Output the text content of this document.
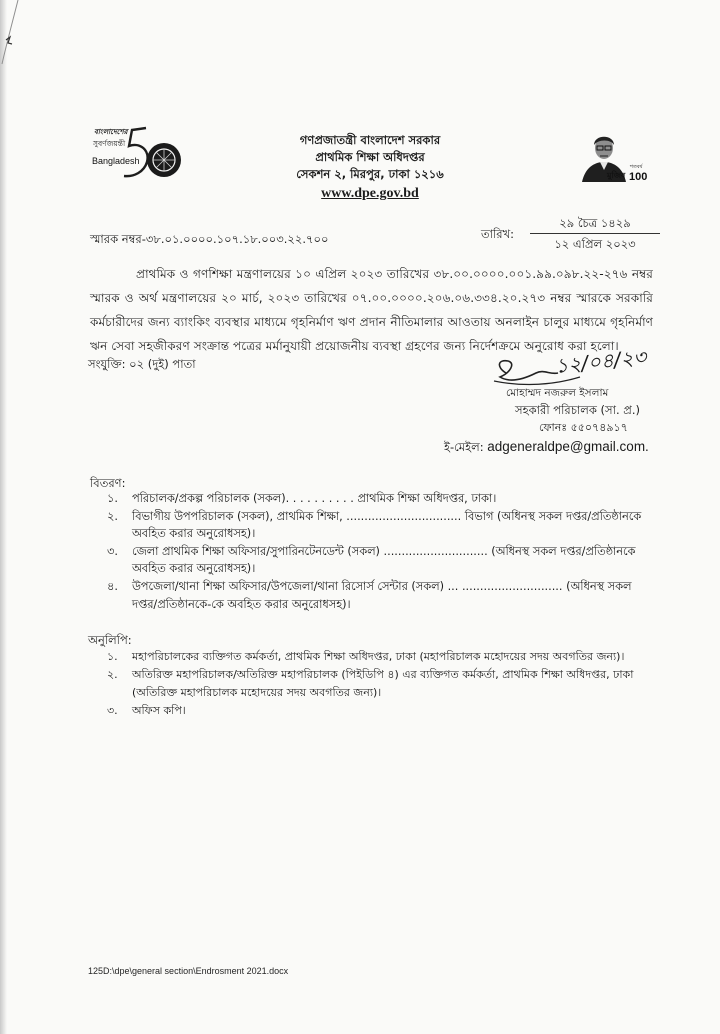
বাংলাদেশের
সুবর্ণজয়ন্তী
Bangladesh
গণপ্রজাতন্ত্রী বাংলাদেশ সরকার
প্রাথমিক শিক্ষা অধিদপ্তর
সেকশন ২, মিরপুর, ঢাকা ১২১৬
www.dpe.gov.bd
মুজিব
শতবর্ষ
100
স্মারক নম্বর-৩৮.০১.০০০০.১০৭.১৮.০০৩.২২.৭০০	তারিখ:
২৯ চৈত্র ১৪২৯
১২ এপ্রিল ২০২৩

প্রাথমিক ও গণশিক্ষা মন্ত্রণালয়ের ১০ এপ্রিল ২০২৩ তারিখের ৩৮.০০.০০০০.০০১.৯৯.০৯৮.২২-২৭৬ নম্বর স্মারক ও অর্থ মন্ত্রণালয়ের ২০ মার্চ, ২০২৩ তারিখের ০৭.০০.০০০০.২০৬.০৬.৩৩৪.২০.২৭৩ নম্বর স্মারকে সরকারি কর্মচারীদের জন্য ব্যাংকিং ব্যবস্থার মাধ্যমে গৃহনির্মাণ ঋণ প্রদান নীতিমালার আওতায় অনলাইন চালুর মাধ্যমে গৃহনির্মাণ ঋন সেবা সহজীকরণ সংক্রান্ত পত্রের মর্মানুযায়ী প্রয়োজনীয় ব্যবস্থা গ্রহণের জন্য নির্দেশক্রমে অনুরোধ করা হলো।

সংযুক্তি: ০২ (দুই) পাতা	১২/০৪/২৩
মোহাম্মদ নজরুল ইসলাম
সহকারী পরিচালক (সা. প্র.)
ফোনঃ ৫৫০৭৪৯১৭
ই-মেইল: adgeneraldpe@gmail.com.
বিতরণ:
১.	পরিচালক/প্রকল্প পরিচালক (সকল). . . . . . . . . . প্রাথমিক শিক্ষা অধিদপ্তর, ঢাকা।
২.	বিভাগীয় উপপরিচালক (সকল), প্রাথমিক শিক্ষা, ................................ বিভাগ (অধিনস্থ সকল দপ্তর/প্রতিষ্ঠানকে অবহিত করার অনুরোধসহ)।
৩.	জেলা প্রাথমিক শিক্ষা অফিসার/সুপারিনটেনডেন্ট (সকল) ............................. (অধিনস্থ সকল দপ্তর/প্রতিষ্ঠানকে অবহিত করার অনুরোধসহ)।
৪.	উপজেলা/থানা শিক্ষা অফিসার/উপজেলা/থানা রিসোর্স সেন্টার (সকল) ... ............................ (অধিনস্থ সকল দপ্তর/প্রতিষ্ঠানকে-কে অবহিত করার অনুরোধসহ)।
অনুলিপি:
১.	মহাপরিচালকের ব্যক্তিগত কর্মকর্তা, প্রাথমিক শিক্ষা অধিদপ্তর, ঢাকা (মহাপরিচালক মহোদয়ের সদয় অবগতির জন্য)।
২.	অতিরিক্ত মহাপরিচালক/অতিরিক্ত মহাপরিচালক (পিইডিপি ৪) এর ব্যক্তিগত কর্মকর্তা, প্রাথমিক শিক্ষা অধিদপ্তর, ঢাকা (অতিরিক্ত মহাপরিচালক মহোদয়ের সদয় অবগতির জন্য)।
৩.	অফিস কপি।
125D:\dpe\general section\Endrosment 2021.docx
